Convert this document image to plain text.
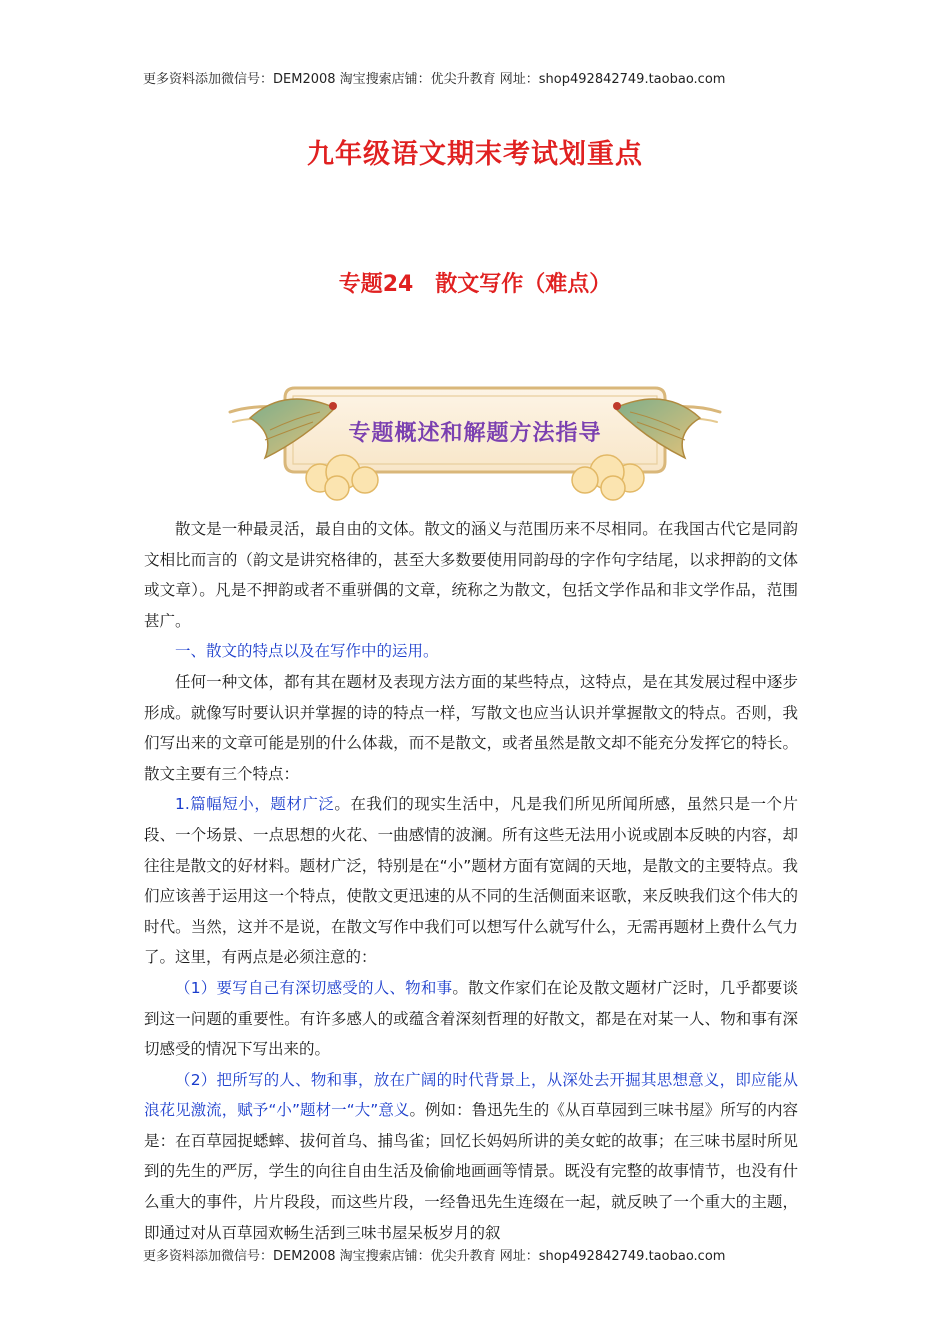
更多资料添加微信号：DEM2008 淘宝搜索店铺：优尖升教育 网址：shop492842749.taobao.com
九年级语文期末考试划重点
专题24　散文写作（难点）
专题概述和解题方法指导

散文是一种最灵活，最自由的文体。散文的涵义与范围历来不尽相同。在我国古代它是同韵文相比而言的（韵文是讲究格律的，甚至大多数要使用同韵母的字作句字结尾，以求押韵的文体或文章）。凡是不押韵或者不重骈偶的文章，统称之为散文，包括文学作品和非文学作品，范围甚广。

一、散文的特点以及在写作中的运用。

任何一种文体，都有其在题材及表现方法方面的某些特点，这特点，是在其发展过程中逐步形成。就像写时要认识并掌握的诗的特点一样，写散文也应当认识并掌握散文的特点。否则，我们写出来的文章可能是别的什么体裁，而不是散文，或者虽然是散文却不能充分发挥它的特长。散文主要有三个特点：

1.篇幅短小，题材广泛。在我们的现实生活中，凡是我们所见所闻所感，虽然只是一个片段、一个场景、一点思想的火花、一曲感情的波澜。所有这些无法用小说或剧本反映的内容，却往往是散文的好材料。题材广泛，特别是在“小”题材方面有宽阔的天地，是散文的主要特点。我们应该善于运用这一个特点，使散文更迅速的从不同的生活侧面来讴歌，来反映我们这个伟大的时代。当然，这并不是说，在散文写作中我们可以想写什么就写什么，无需再题材上费什么气力了。这里，有两点是必须注意的：

（1）要写自己有深切感受的人、物和事。散文作家们在论及散文题材广泛时，几乎都要谈到这一问题的重要性。有许多感人的或蕴含着深刻哲理的好散文，都是在对某一人、物和事有深切感受的情况下写出来的。

（2）把所写的人、物和事，放在广阔的时代背景上，从深处去开掘其思想意义，即应能从浪花见激流，赋予“小”题材一“大”意义。例如：鲁迅先生的《从百草园到三味书屋》所写的内容是：在百草园捉蟋蟀、拔何首乌、捕鸟雀；回忆长妈妈所讲的美女蛇的故事；在三味书屋时所见到的先生的严厉，学生的向往自由生活及偷偷地画画等情景。既没有完整的故事情节，也没有什么重大的事件，片片段段，而这些片段，一经鲁迅先生连缀在一起，就反映了一个重大的主题，即通过对从百草园欢畅生活到三味书屋呆板岁月的叙

更多资料添加微信号：DEM2008 淘宝搜索店铺：优尖升教育 网址：shop492842749.taobao.com
